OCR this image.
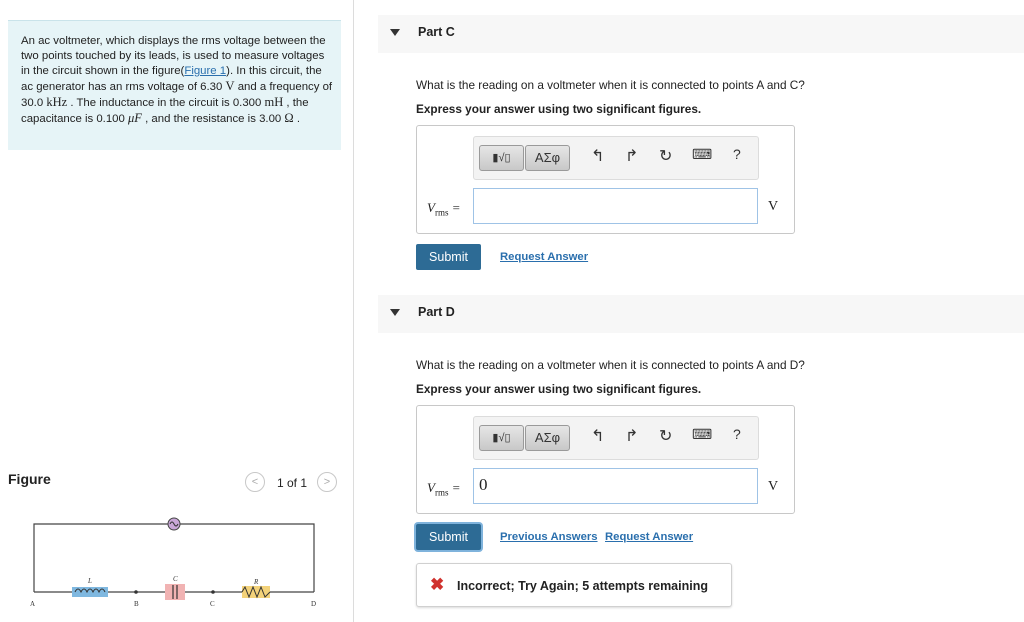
An ac voltmeter, which displays the rms voltage between the two points touched by its leads, is used to measure voltages in the circuit shown in the figure(Figure 1). In this circuit, the ac generator has an rms voltage of 6.30 V and a frequency of 30.0 kHz . The inductance in the circuit is 0.300 mH , the capacitance is 0.100 μF , and the resistance is 3.00 Ω .

Figure	<	1 of 1	>
L	C	R
A	B	C	D
Part C
What is the reading on a voltmeter when it is connected to points A and C?
Express your answer using two significant figures.
▮√▯	ΑΣφ	↰ ↱ ↻ ⌨ ?
$V_{rms}$ =	V
Submit	Request Answer
Part D
What is the reading on a voltmeter when it is connected to points A and D?
Express your answer using two significant figures.
▮√▯	ΑΣφ	↰ ↱ ↻ ⌨ ?
$V_{rms}$ =	0	V
Submit	Previous Answers Request Answer
✖ Incorrect; Try Again; 5 attempts remaining
